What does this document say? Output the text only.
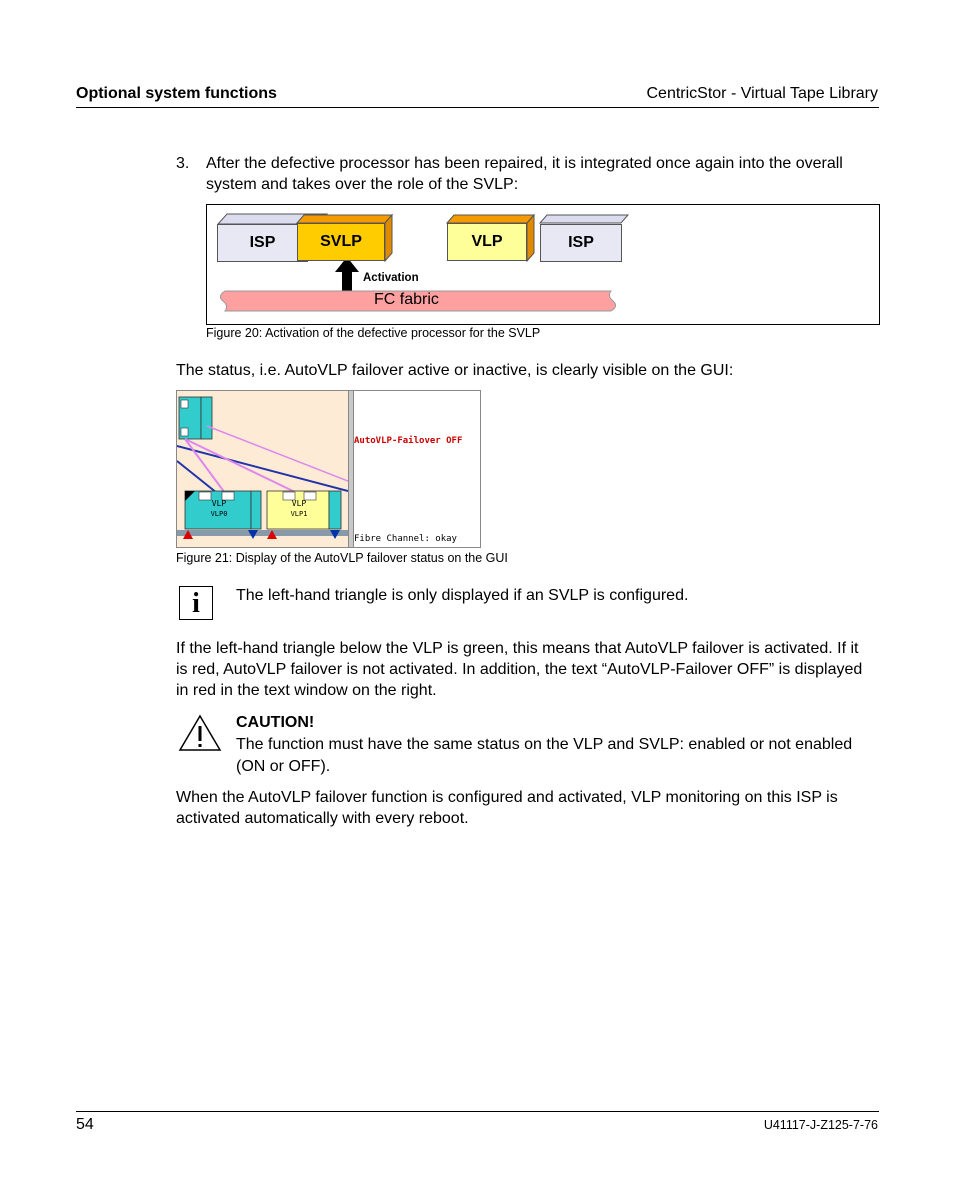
Optional system functions	CentricStor - Virtual Tape Library
3. After the defective processor has been repaired, it is integrated once again into the overall system and takes over the role of the SVLP:
ISP	SVLP	VLP	ISP
Activation
FC fabric
Figure 20: Activation of the defective processor for the SVLP
The status, i.e. AutoVLP failover active or inactive, is clearly visible on the GUI:
VLP
VLP0
VLP
VLP1

AutoVLP-Failover OFF

Fibre Channel: okay

Figure 21: Display of the AutoVLP failover status on the GUI
i	The left-hand triangle is only displayed if an SVLP is configured.
If the left-hand triangle below the VLP is green, this means that AutoVLP failover is activated. If it is red, AutoVLP failover is not activated. In addition, the text “AutoVLP-Failover OFF” is displayed in red in the text window on the right.
CAUTION!
The function must have the same status on the VLP and SVLP: enabled or not enabled (ON or OFF).
When the AutoVLP failover function is configured and activated, VLP monitoring on this ISP is activated automatically with every reboot.
54	U41117-J-Z125-7-76
